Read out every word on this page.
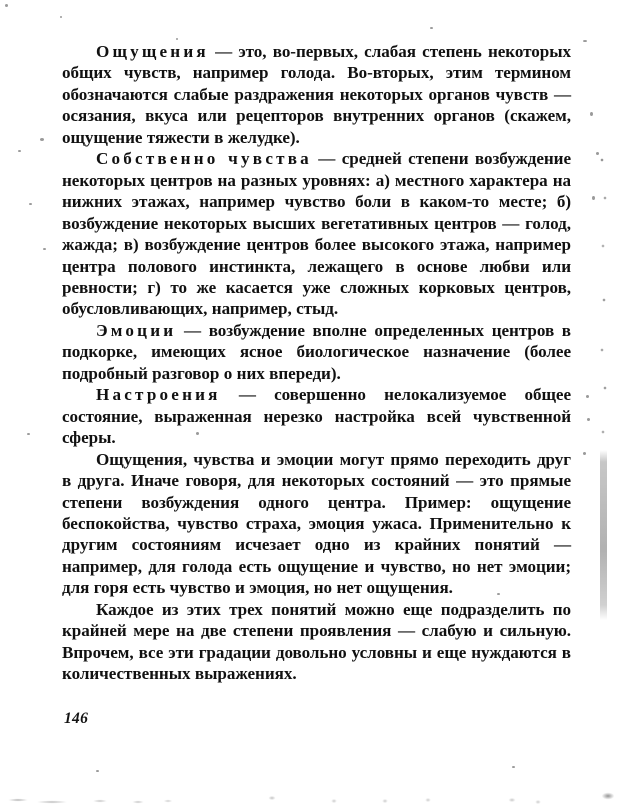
Ощущения — это, во-первых, слабая степень некоторых общих чувств, например голода. Во-вторых, этим термином обозначаются слабые раздражения некоторых органов чувств — осязания, вкуса или рецепторов внутренних органов (скажем, ощущение тяжести в желудке).

Собственно чувства — средней степени возбуждение некоторых центров на разных уровнях: а) местного характера на нижних этажах, например чувство боли в каком-то месте; б) возбуждение некоторых высших вегетативных центров — голод, жажда; в) возбуждение центров более высокого этажа, например центра полового инстинкта, лежащего в основе любви или ревности; г) то же касается уже сложных корковых центров, обусловливающих, например, стыд.

Эмоции — возбуждение вполне определенных центров в подкорке, имеющих ясное биологическое назначение (более подробный разговор о них впереди).

Настроения — совершенно нелокализуемое общее состояние, выраженная нерезко настройка всей чувственной сферы.

Ощущения, чувства и эмоции могут прямо переходить друг в друга. Иначе говоря, для некоторых состояний — это прямые степени возбуждения одного центра. Пример: ощущение беспокойства, чувство страха, эмоция ужаса. Применительно к другим состояниям исчезает одно из крайних понятий — например, для голода есть ощущение и чувство, но нет эмоции; для горя есть чувство и эмоция, но нет ощущения.

Каждое из этих трех понятий можно еще подразделить по крайней мере на две степени проявления — слабую и сильную. Впрочем, все эти градации довольно условны и еще нуждаются в количественных выражениях.

146
